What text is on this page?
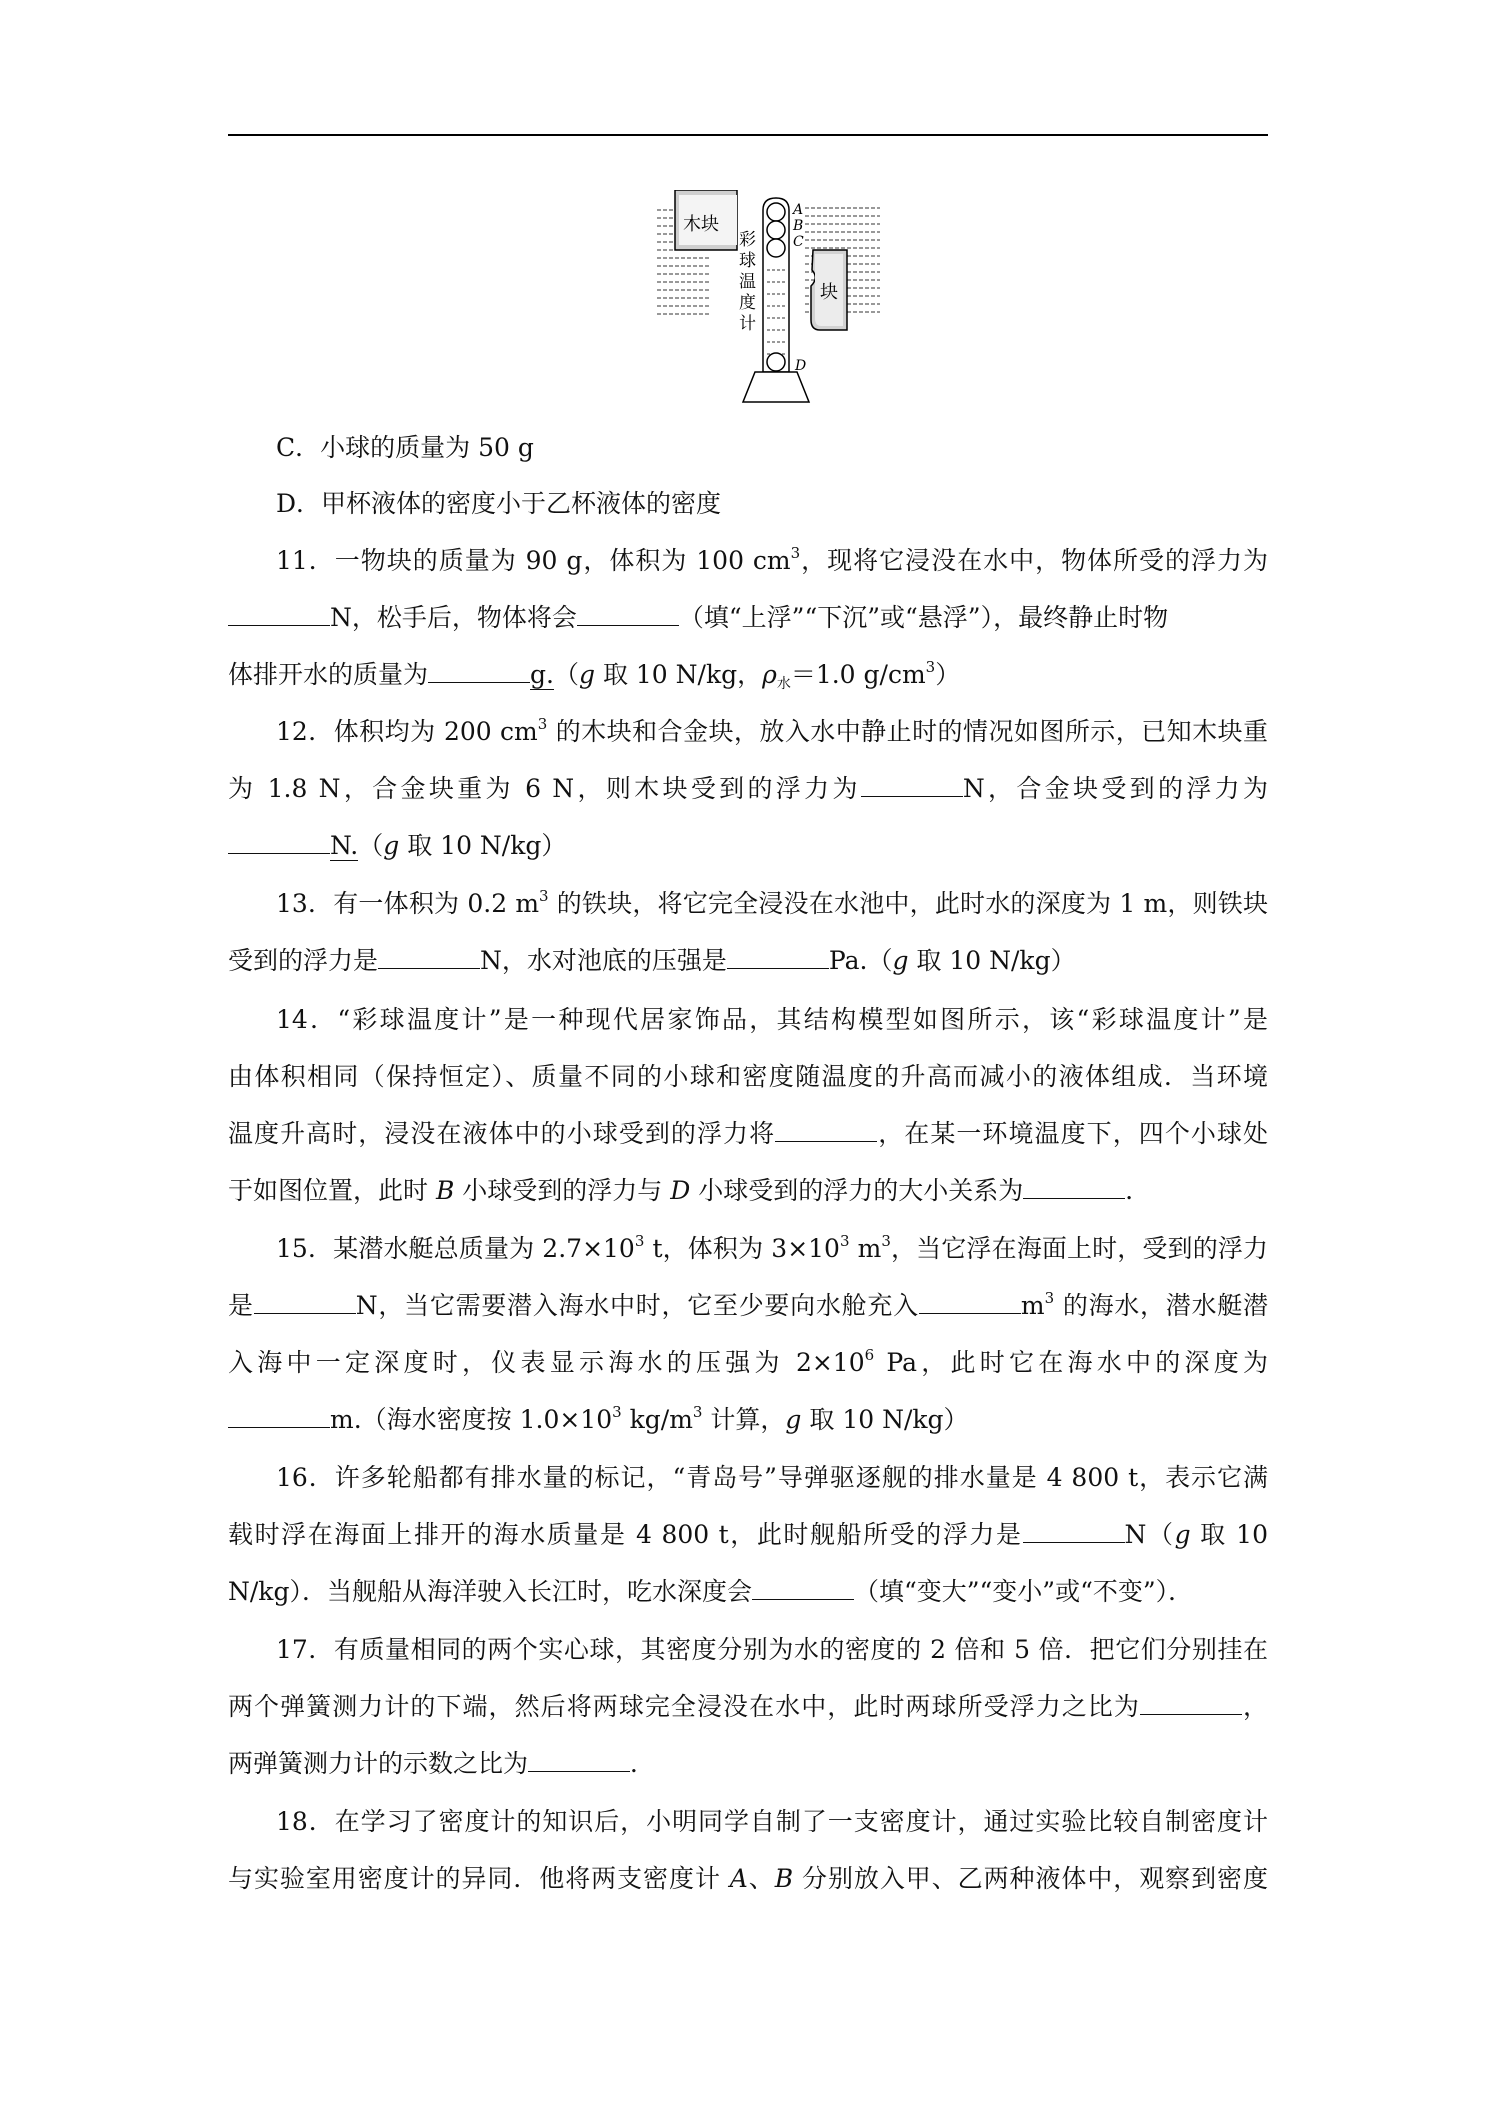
木块
块
彩
球
温
度
计
A
B
C
D
C．小球的质量为 50 g
D．甲杯液体的密度小于乙杯液体的密度
11．一物块的质量为 90 g，体积为 100 $cm^3$，现将它浸没在水中，物体所受的浮力为
N，松手后，物体将会	（填“上浮”“下沉”或“悬浮”），最终静止时物
体排开水的质量为	g.（g 取 10 N/kg，$\rho_水=1.0$ $g/cm^3$）
12．体积均为 200 $cm^3$ 的木块和合金块，放入水中静止时的情况如图所示，已知木块重
为 1.8 N，合金块重为 6 N，则木块受到的浮力为	N，合金块受到的浮力为
N.（g 取 10 N/kg）
13．有一体积为 0.2 $m^3$ 的铁块，将它完全浸没在水池中，此时水的深度为 1 m，则铁块
受到的浮力是	N，水对池底的压强是	Pa.（g 取 10 N/kg）
14．“彩球温度计”是一种现代居家饰品，其结构模型如图所示，该“彩球温度计”是
由体积相同（保持恒定）、质量不同的小球和密度随温度的升高而减小的液体组成．当环境
温度升高时，浸没在液体中的小球受到的浮力将	，在某一环境温度下，四个小球处
于如图位置，此时 B 小球受到的浮力与 D 小球受到的浮力的大小关系为	．
15．某潜水艇总质量为 $2.7\times 10^3$ t，体积为 $3\times 10^3$ $m^3$，当它浮在海面上时，受到的浮力
是	N，当它需要潜入海水中时，它至少要向水舱充入	$m^3$ 的海水，潜水艇潜
入海中一定深度时，仪表显示海水的压强为 $2\times 10^6$ Pa，此时它在海水中的深度为
m.（海水密度按 $1.0\times 10^3$ $kg/m^3$ 计算，g 取 10 N/kg）
16．许多轮船都有排水量的标记，“青岛号”导弹驱逐舰的排水量是 4 800 t，表示它满
载时浮在海面上排开的海水质量是 4 800 t，此时舰船所受的浮力是	N（g 取 10
N/kg）．当舰船从海洋驶入长江时，吃水深度会	（填“变大”“变小”或“不变”）．
17．有质量相同的两个实心球，其密度分别为水的密度的 2 倍和 5 倍．把它们分别挂在
两个弹簧测力计的下端，然后将两球完全浸没在水中，此时两球所受浮力之比为	，
两弹簧测力计的示数之比为	．
18．在学习了密度计的知识后，小明同学自制了一支密度计，通过实验比较自制密度计
与实验室用密度计的异同．他将两支密度计 A、B 分别放入甲、乙两种液体中，观察到密度
